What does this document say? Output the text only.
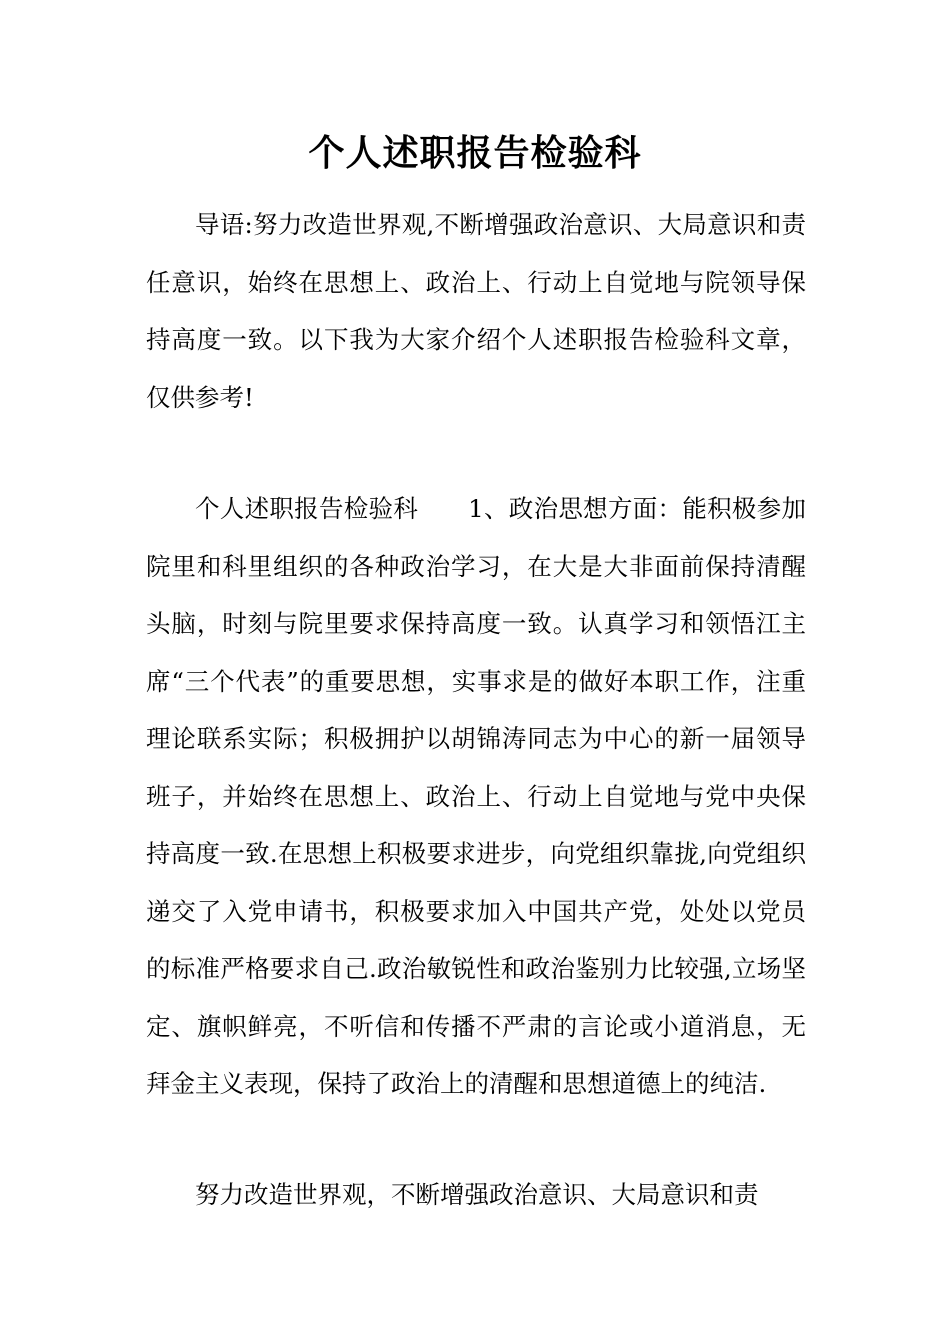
个人述职报告检验科

导语:努力改造世界观,不断增强政治意识、大局意识和责任意识，始终在思想上、政治上、行动上自觉地与院领导保持高度一致。以下我为大家介绍个人述职报告检验科文章，仅供参考!

个人述职报告检验科 1、政治思想方面：能积极参加院里和科里组织的各种政治学习，在大是大非面前保持清醒头脑，时刻与院里要求保持高度一致。认真学习和领悟江主席“三个代表”的重要思想，实事求是的做好本职工作，注重理论联系实际；积极拥护以胡锦涛同志为中心的新一届领导班子，并始终在思想上、政治上、行动上自觉地与党中央保持高度一致.在思想上积极要求进步，向党组织靠拢,向党组织递交了入党申请书，积极要求加入中国共产党，处处以党员的标准严格要求自己.政治敏锐性和政治鉴别力比较强,立场坚定、旗帜鲜亮，不听信和传播不严肃的言论或小道消息，无拜金主义表现，保持了政治上的清醒和思想道德上的纯洁.

努力改造世界观，不断增强政治意识、大局意识和责
